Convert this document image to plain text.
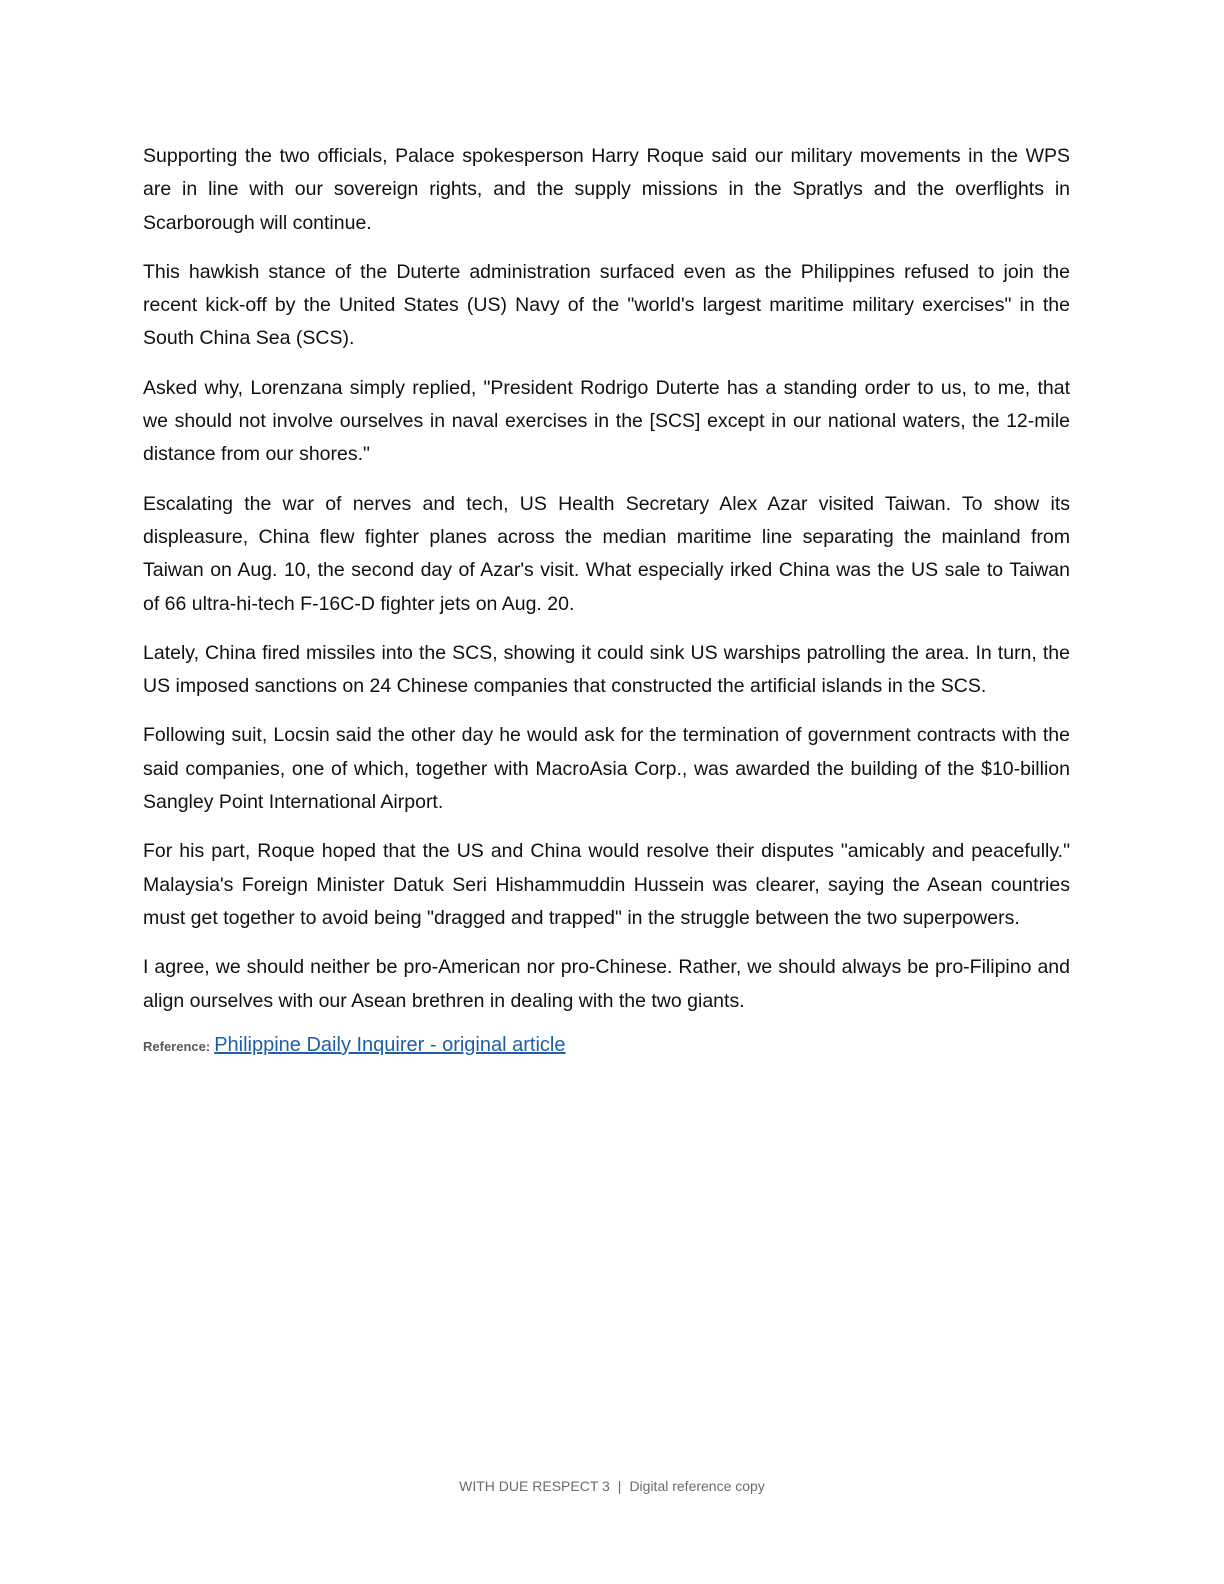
Supporting the two officials, Palace spokesperson Harry Roque said our military movements in the WPS are in line with our sovereign rights, and the supply missions in the Spratlys and the overflights in Scarborough will continue.

This hawkish stance of the Duterte administration surfaced even as the Philippines refused to join the recent kick-off by the United States (US) Navy of the "world's largest maritime military exercises" in the South China Sea (SCS).

Asked why, Lorenzana simply replied, "President Rodrigo Duterte has a standing order to us, to me, that we should not involve ourselves in naval exercises in the [SCS] except in our national waters, the 12-mile distance from our shores."

Escalating the war of nerves and tech, US Health Secretary Alex Azar visited Taiwan. To show its displeasure, China flew fighter planes across the median maritime line separating the mainland from Taiwan on Aug. 10, the second day of Azar's visit. What especially irked China was the US sale to Taiwan of 66 ultra-hi-tech F-16C-D fighter jets on Aug. 20.

Lately, China fired missiles into the SCS, showing it could sink US warships patrolling the area. In turn, the US imposed sanctions on 24 Chinese companies that constructed the artificial islands in the SCS.

Following suit, Locsin said the other day he would ask for the termination of government contracts with the said companies, one of which, together with MacroAsia Corp., was awarded the building of the $10-billion Sangley Point International Airport.

For his part, Roque hoped that the US and China would resolve their disputes "amicably and peacefully." Malaysia's Foreign Minister Datuk Seri Hishammuddin Hussein was clearer, saying the Asean countries must get together to avoid being "dragged and trapped" in the struggle between the two superpowers.

I agree, we should neither be pro-American nor pro-Chinese. Rather, we should always be pro-Filipino and align ourselves with our Asean brethren in dealing with the two giants.

Reference: Philippine Daily Inquirer - original article
WITH DUE RESPECT 3 | Digital reference copy
